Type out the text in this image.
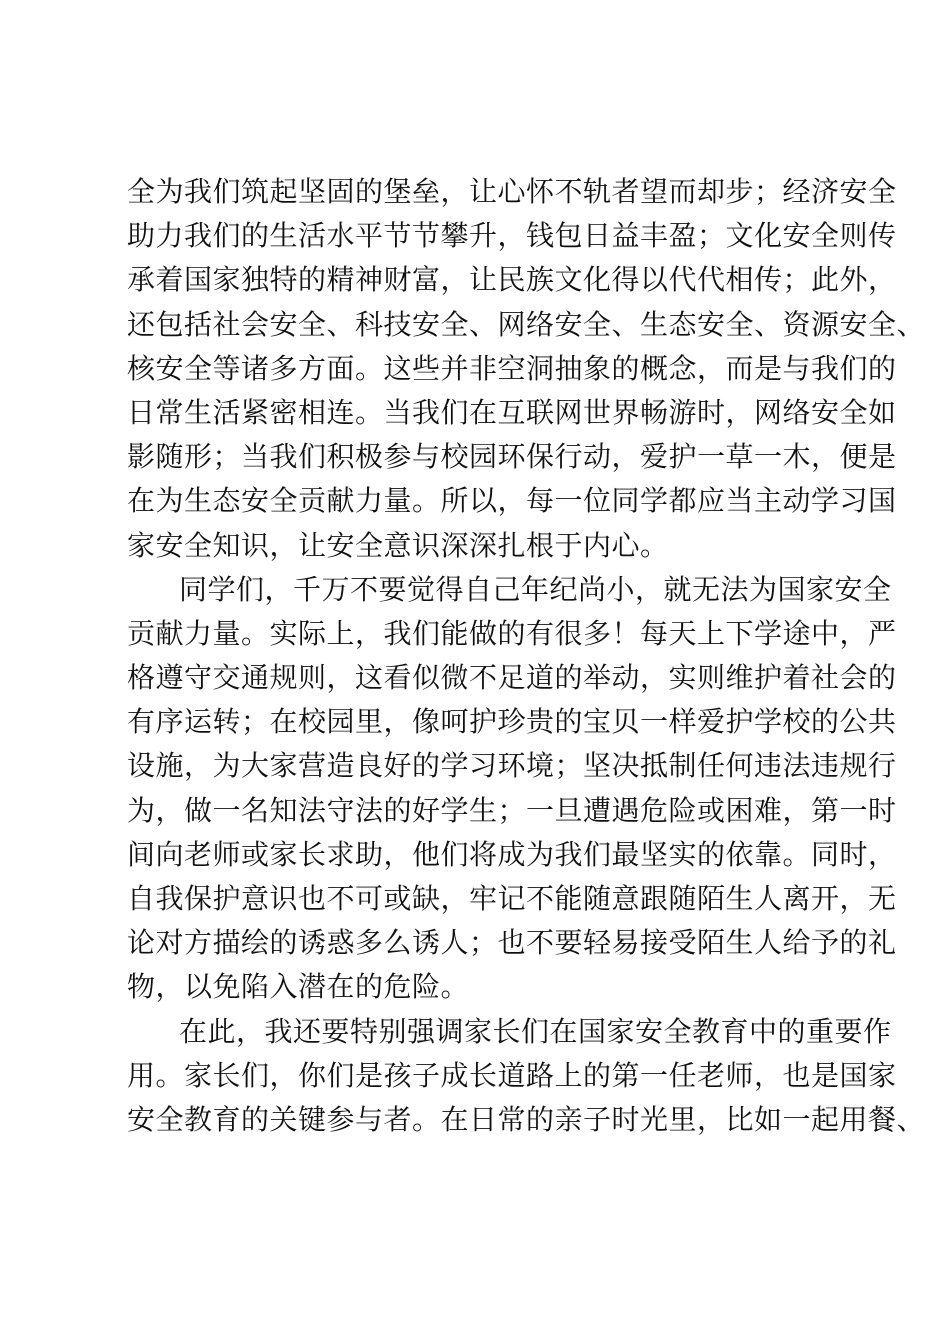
全为我们筑起坚固的堡垒，让心怀不轨者望而却步；经济安全
助力我们的生活水平节节攀升，钱包日益丰盈；文化安全则传
承着国家独特的精神财富，让民族文化得以代代相传；此外，
还包括社会安全、科技安全、网络安全、生态安全、资源安全、
核安全等诸多方面。这些并非空洞抽象的概念，而是与我们的
日常生活紧密相连。当我们在互联网世界畅游时，网络安全如
影随形；当我们积极参与校园环保行动，爱护一草一木，便是
在为生态安全贡献力量。所以，每一位同学都应当主动学习国
家安全知识，让安全意识深深扎根于内心。
同学们，千万不要觉得自己年纪尚小，就无法为国家安全
贡献力量。实际上，我们能做的有很多！每天上下学途中，严
格遵守交通规则，这看似微不足道的举动，实则维护着社会的
有序运转；在校园里，像呵护珍贵的宝贝一样爱护学校的公共
设施，为大家营造良好的学习环境；坚决抵制任何违法违规行
为，做一名知法守法的好学生；一旦遭遇危险或困难，第一时
间向老师或家长求助，他们将成为我们最坚实的依靠。同时，
自我保护意识也不可或缺，牢记不能随意跟随陌生人离开，无
论对方描绘的诱惑多么诱人；也不要轻易接受陌生人给予的礼
物，以免陷入潜在的危险。
在此，我还要特别强调家长们在国家安全教育中的重要作
用。家长们，你们是孩子成长道路上的第一任老师，也是国家
安全教育的关键参与者。在日常的亲子时光里，比如一起用餐、
